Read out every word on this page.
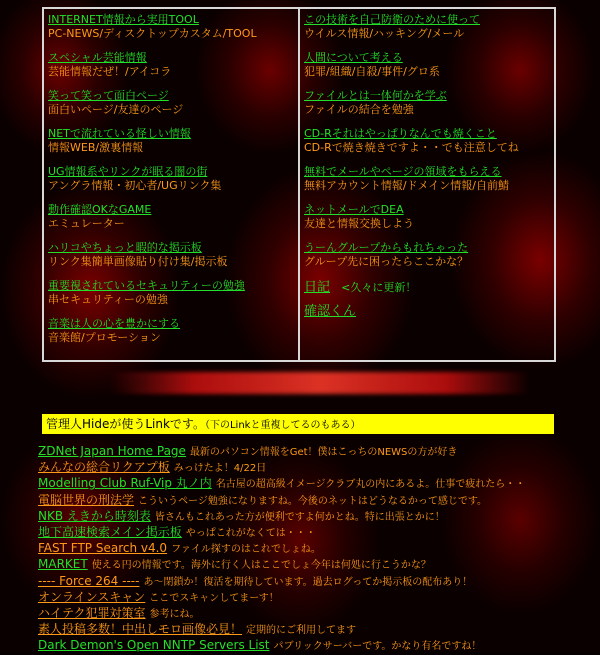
INTERNET情報から実用TOOL
PC-NEWS/ディスクトップカスタム/TOOL
スペシャル芸能情報
芸能情報だぜ！/アイコラ
笑って笑って面白ページ
面白いページ/友達のページ
NETで流れている怪しい情報
情報WEB/激裏情報
UG情報系やリンクが眠る闇の街
アングラ情報・初心者/UGリンク集
動作確認OKなGAME
エミュレーター
ハリコやちょっと暇的な掲示板
リンク集簡単画像貼り付け集/掲示板
重要視されているセキュリティーの勉強
串セキュリティーの勉強
音楽は人の心を豊かにする
音楽館/プロモーション

この技術を自己防衛のために使って
ウイルス情報/ハッキング/メール
人間について考える
犯罪/組織/自殺/事件/グロ系
ファイルとは一体何かを学ぶ
ファイルの結合を勉強
CD-Rそれはやっぱりなんでも焼くこと
CD-Rで焼き焼きですよ・・でも注意してね
無料でメールやページの領域をもらえる
無料アカウント情報/ドメイン情報/自前鯖
ネットメールでDEA
友達と情報交換しよう
うーんグループからもれちゃった
グループ先に困ったらここかな？
日記 <久々に更新！
確認くん
管理人Hideが使うLinkです。（下のLinkと重複してるのもある）
ZDNet Japan Home Page 最新のパソコン情報をGet！僕はこっちのNEWSの方が好き
みんなの総合リクアプ板 みっけたよ！4/22日
Modelling Club Ruf-Vip 丸ノ内 名古屋の超高級イメージクラブ丸の内にあるよ。仕事で疲れたら・・
電脳世界の刑法学 こういうページ勉強になりますね。今後のネットはどうなるかって感じです。
NKB えきから時刻表 皆さんもこれあった方が便利ですよ何かとね。特に出張とかに！
地下高速検索メイン掲示板 やっぱこれがなくては・・・
FAST FTP Search v4.0 ファイル探すのはこれでしょね。
MARKET 使える円の情報です。海外に行く人はここでしょ今年は何処に行こうかな？
---- Force 264 ---- あ～閉鎖か！復活を期待しています。過去ログってか掲示板の配布あり！
オンラインスキャン ここでスキャンしてまーす！
ハイテク犯罪対策室 参考にね。
素人投稿多数！中出しモロ画像必見！ 定期的にご利用してます
Dark Demon's Open NNTP Servers List パブリックサーバーです。かなり有名ですね！
